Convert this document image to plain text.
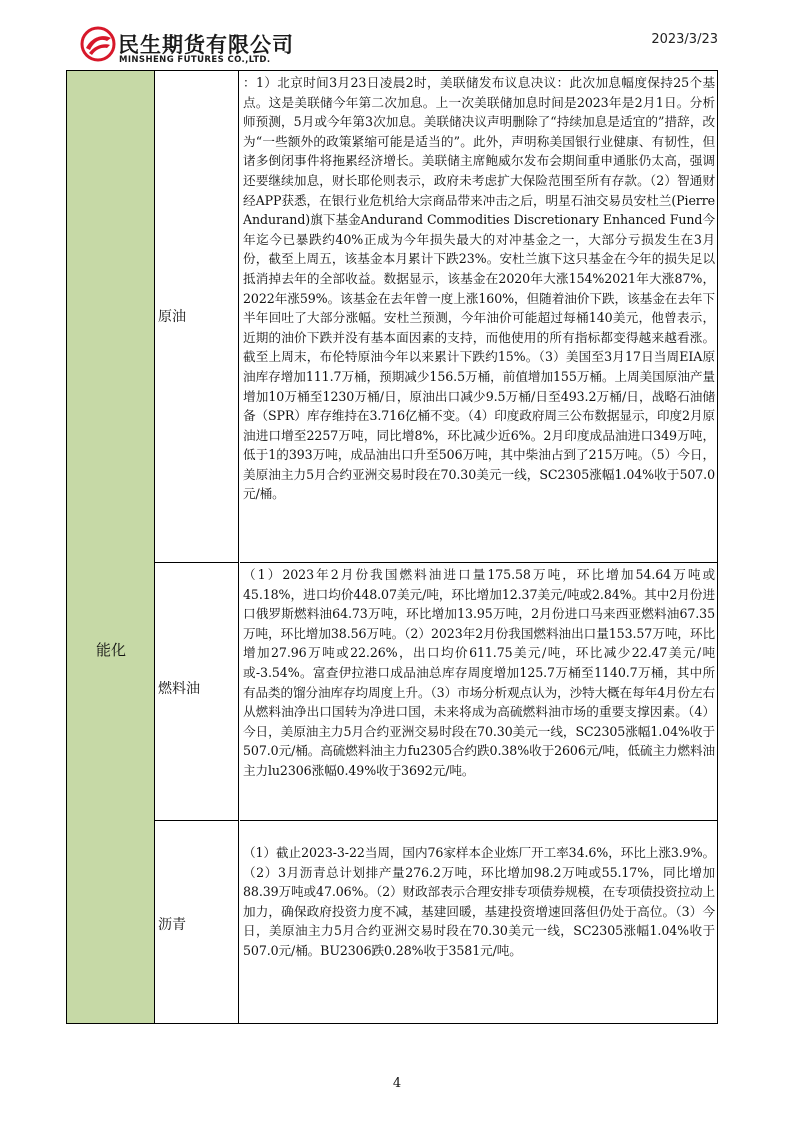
民生期货有限公司
MINSHENG FUTURES CO.,LTD.
2023/3/23
能化
原油

：1）北京时间3月23日凌晨2时，美联储发布议息决议：此次加息幅度保持25个基点。这是美联储今年第二次加息。上一次美联储加息时间是2023年是2月1日。分析师预测，5月或今年第3次加息。美联储决议声明删除了“持续加息是适宜的”措辞，改为“一些额外的政策紧缩可能是适当的”。此外，声明称美国银行业健康、有韧性，但诸多倒闭事件将拖累经济增长。美联储主席鲍威尔发布会期间重申通胀仍太高，强调还要继续加息，财长耶伦则表示，政府未考虑扩大保险范围至所有存款。（2）智通财经APP获悉，在银行业危机给大宗商品带来冲击之后，明星石油交易员安杜兰(Pierre Andurand)旗下基金Andurand Commodities Discretionary Enhanced Fund今年迄今已暴跌约40%正成为今年损失最大的对冲基金之一，大部分亏损发生在3月份，截至上周五，该基金本月累计下跌23%。安杜兰旗下这只基金在今年的损失足以抵消掉去年的全部收益。数据显示，该基金在2020年大涨154%2021年大涨87%，2022年涨59%。该基金在去年曾一度上涨160%，但随着油价下跌，该基金在去年下半年回吐了大部分涨幅。安杜兰预测，今年油价可能超过每桶140美元，他曾表示，近期的油价下跌并没有基本面因素的支持，而他使用的所有指标都变得越来越看涨。截至上周末，布伦特原油今年以来累计下跌约15%。（3）美国至3月17日当周EIA原油库存增加111.7万桶，预期减少156.5万桶，前值增加155万桶。上周美国原油产量增加10万桶至1230万桶/日，原油出口减少9.5万桶/日至493.2万桶/日，战略石油储备（SPR）库存维持在3.716亿桶不变。（4）印度政府周三公布数据显示，印度2月原油进口增至2257万吨，同比增8%，环比减少近6%。2月印度成品油进口349万吨，低于1的393万吨，成品油出口升至506万吨，其中柴油占到了215万吨。（5）今日，美原油主力5月合约亚洲交易时段在70.30美元一线，SC2305涨幅1.04%收于507.0元/桶。

燃料油

（1）2023年2月份我国燃料油进口量175.58万吨，环比增加54.64万吨或45.18%，进口均价448.07美元/吨，环比增加12.37美元/吨或2.84%。其中2月份进口俄罗斯燃料油64.73万吨，环比增加13.95万吨，2月份进口马来西亚燃料油67.35万吨，环比增加38.56万吨。（2）2023年2月份我国燃料油出口量153.57万吨，环比增加27.96万吨或22.26%，出口均价611.75美元/吨，环比减少22.47美元/吨或-3.54%。富查伊拉港口成品油总库存周度增加125.7万桶至1140.7万桶，其中所有品类的馏分油库存均周度上升。（3）市场分析观点认为，沙特大概在每年4月份左右从燃料油净出口国转为净进口国，未来将成为高硫燃料油市场的重要支撑因素。（4）今日，美原油主力5月合约亚洲交易时段在70.30美元一线，SC2305涨幅1.04%收于507.0元/桶。高硫燃料油主力fu2305合约跌0.38%收于2606元/吨，低硫主力燃料油主力lu2306涨幅0.49%收于3692元/吨。

沥青

（1）截止2023-3-22当周，国内76家样本企业炼厂开工率34.6%，环比上涨3.9%。（2）3月沥青总计划排产量276.2万吨，环比增加98.2万吨或55.17%，同比增加88.39万吨或47.06%。（2）财政部表示合理安排专项债券规模，在专项债投资拉动上加力，确保政府投资力度不减，基建回暖，基建投资增速回落但仍处于高位。（3）今日，美原油主力5月合约亚洲交易时段在70.30美元一线，SC2305涨幅1.04%收于507.0元/桶。BU2306跌0.28%收于3581元/吨。

4
